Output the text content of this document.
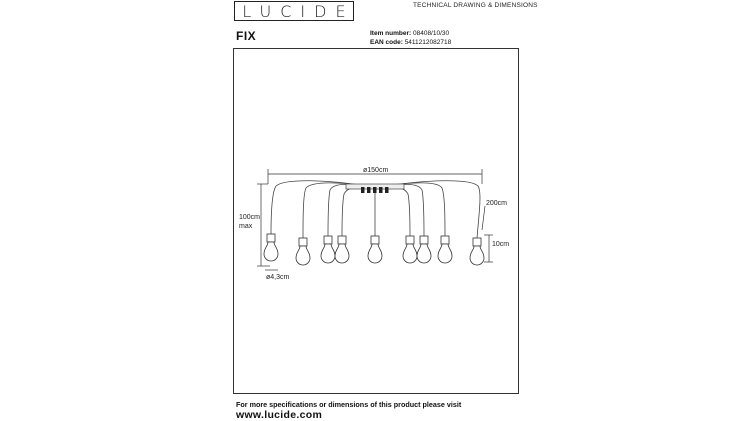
LUCIDE	TECHNICAL DRAWING & DIMENSIONS
FIX	Item number: 08408/10/30
EAN code: 5411212082718
ø150cm
100cm
max
200cm
10cm
ø4,3cm
For more specifications or dimensions of this product please visit
www.lucide.com
